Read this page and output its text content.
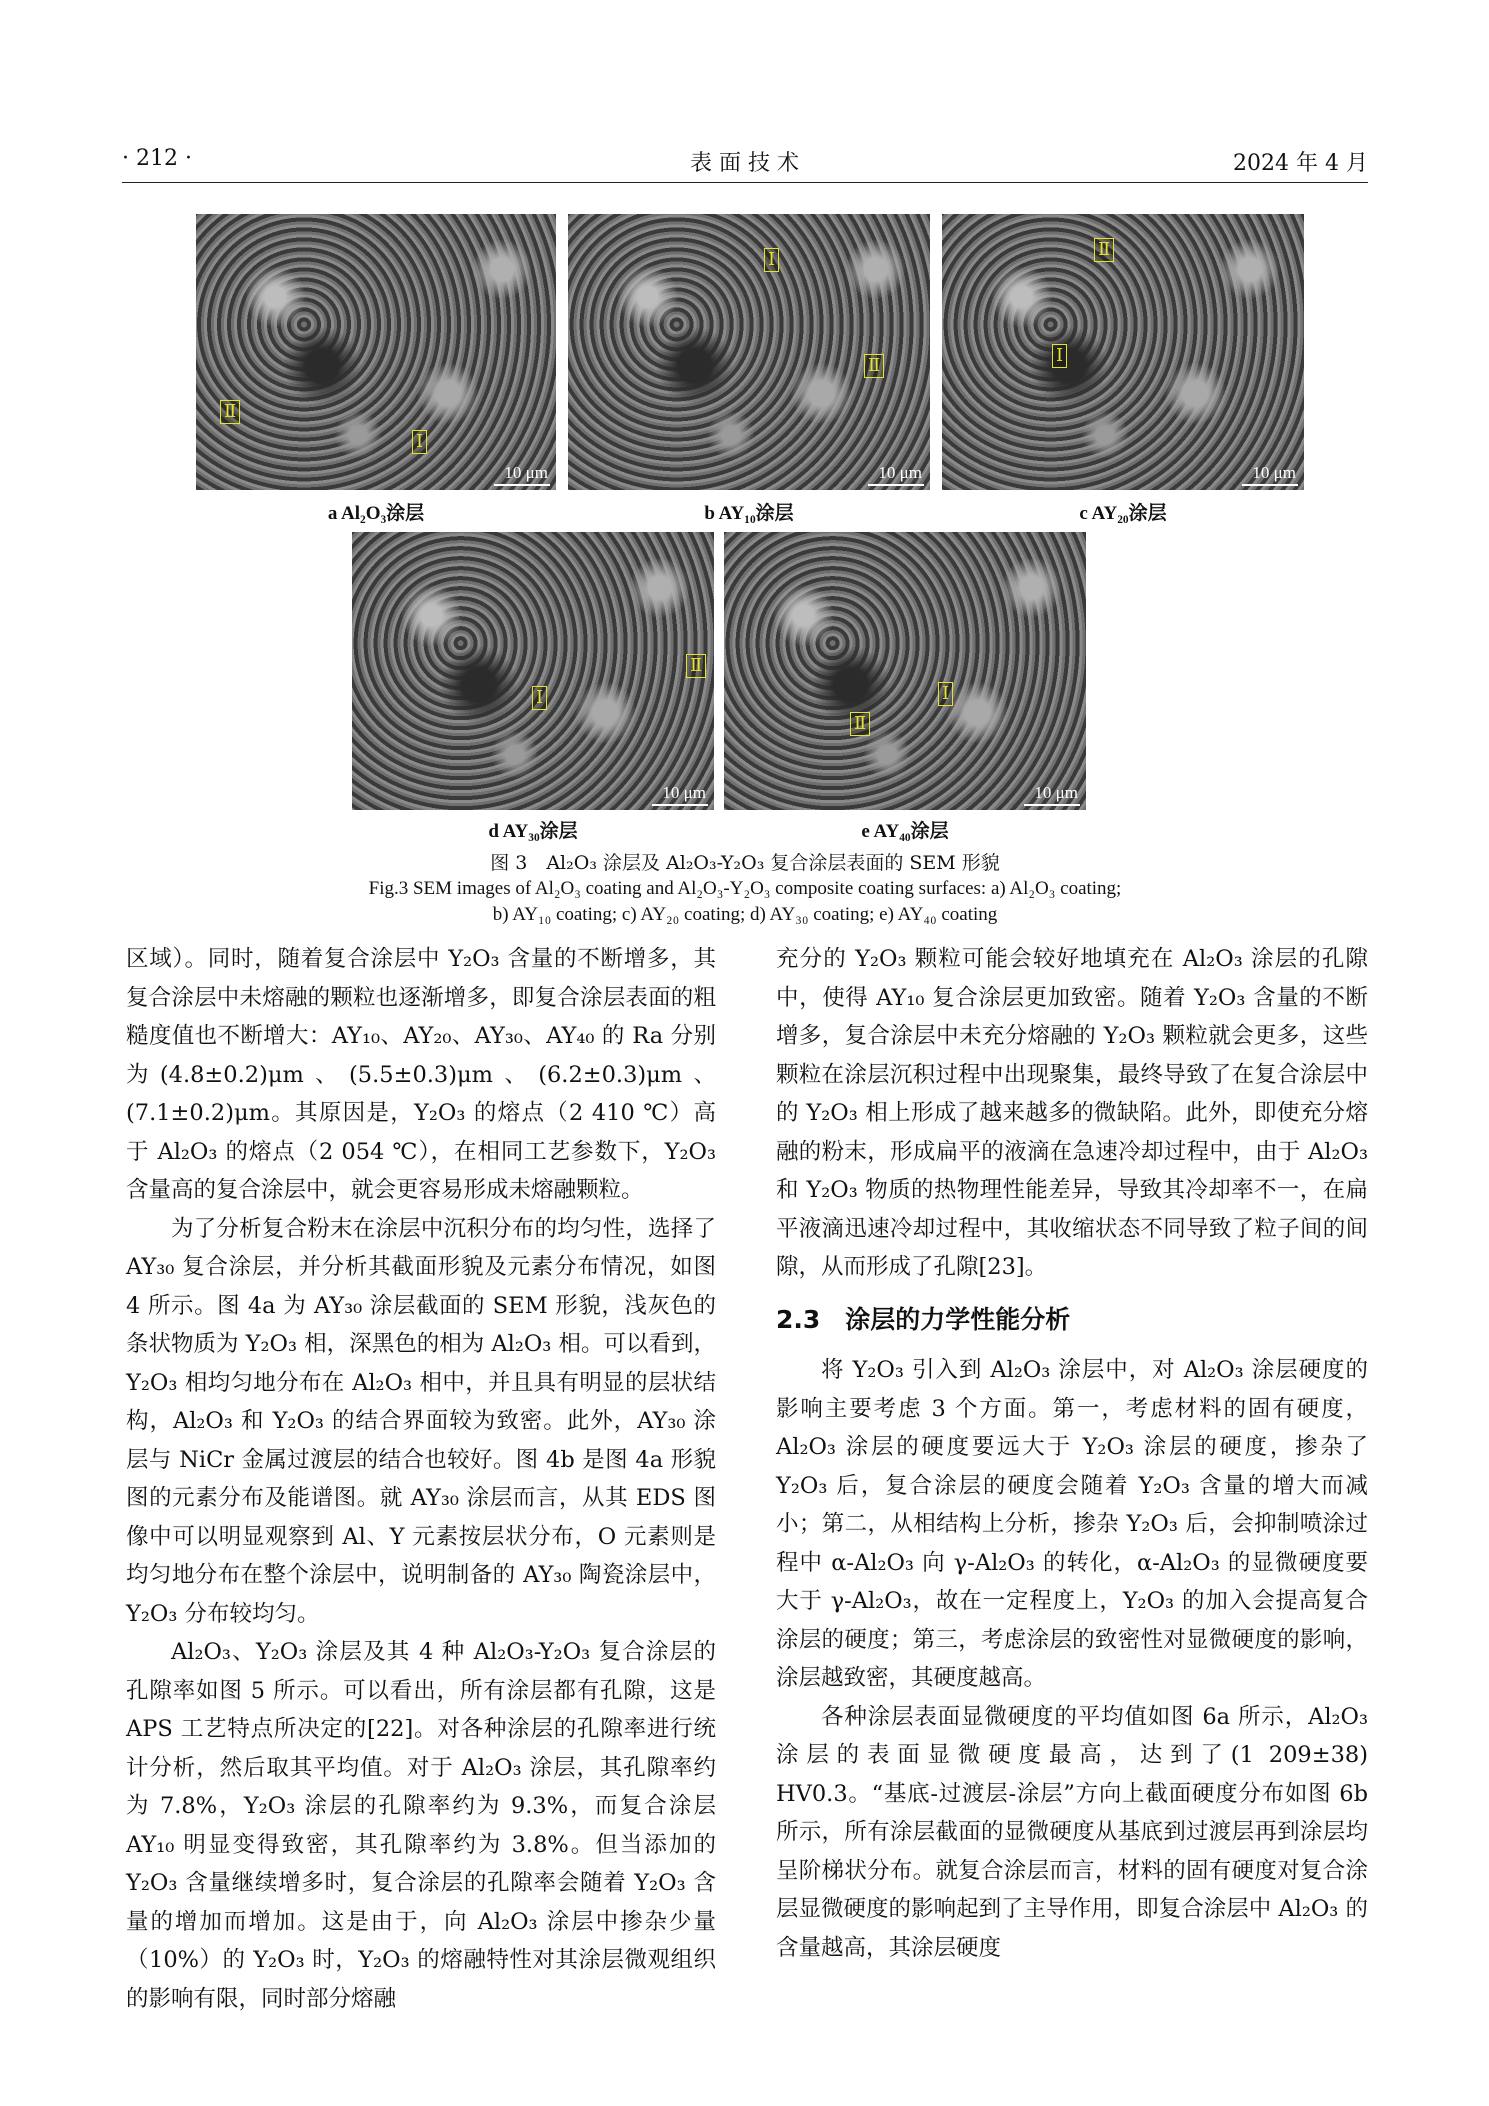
· 212 ·	表 面 技 术	2024 年 4 月
Ⅱ
Ⅰ
10 μm
Ⅰ
Ⅱ
10 μm
Ⅱ
Ⅰ
10 μm
a Al₂O₃涂层	b AY₁₀涂层	c AY₂₀涂层
Ⅰ
Ⅱ
10 μm
Ⅰ
Ⅱ
10 μm
d AY₃₀涂层	e AY₄₀涂层
图 3　Al₂O₃ 涂层及 Al₂O₃-Y₂O₃ 复合涂层表面的 SEM 形貌
Fig.3 SEM images of Al₂O₃ coating and Al₂O₃-Y₂O₃ composite coating surfaces: a) Al₂O₃ coating;
b) AY₁₀ coating; c) AY₂₀ coating; d) AY₃₀ coating; e) AY₄₀ coating

区域）。同时，随着复合涂层中 Y₂O₃ 含量的不断增多，其复合涂层中未熔融的颗粒也逐渐增多，即复合涂层表面的粗糙度值也不断增大：AY₁₀、AY₂₀、AY₃₀、AY₄₀ 的 Ra 分别为(4.8±0.2)μm、(5.5±0.3)μm、(6.2±0.3)μm、(7.1±0.2)μm。其原因是，Y₂O₃ 的熔点（2 410 ℃）高于 Al₂O₃ 的熔点（2 054 ℃），在相同工艺参数下，Y₂O₃ 含量高的复合涂层中，就会更容易形成未熔融颗粒。

为了分析复合粉末在涂层中沉积分布的均匀性，选择了 AY₃₀ 复合涂层，并分析其截面形貌及元素分布情况，如图 4 所示。图 4a 为 AY₃₀ 涂层截面的 SEM 形貌，浅灰色的条状物质为 Y₂O₃ 相，深黑色的相为 Al₂O₃ 相。可以看到，Y₂O₃ 相均匀地分布在 Al₂O₃ 相中，并且具有明显的层状结构，Al₂O₃ 和 Y₂O₃ 的结合界面较为致密。此外，AY₃₀ 涂层与 NiCr 金属过渡层的结合也较好。图 4b 是图 4a 形貌图的元素分布及能谱图。就 AY₃₀ 涂层而言，从其 EDS 图像中可以明显观察到 Al、Y 元素按层状分布，O 元素则是均匀地分布在整个涂层中，说明制备的 AY₃₀ 陶瓷涂层中，Y₂O₃ 分布较均匀。

Al₂O₃、Y₂O₃ 涂层及其 4 种 Al₂O₃-Y₂O₃ 复合涂层的孔隙率如图 5 所示。可以看出，所有涂层都有孔隙，这是 APS 工艺特点所决定的[22]。对各种涂层的孔隙率进行统计分析，然后取其平均值。对于 Al₂O₃ 涂层，其孔隙率约为 7.8%，Y₂O₃ 涂层的孔隙率约为 9.3%，而复合涂层 AY₁₀ 明显变得致密，其孔隙率约为 3.8%。但当添加的 Y₂O₃ 含量继续增多时，复合涂层的孔隙率会随着 Y₂O₃ 含量的增加而增加。这是由于，向 Al₂O₃ 涂层中掺杂少量（10%）的 Y₂O₃ 时，Y₂O₃ 的熔融特性对其涂层微观组织的影响有限，同时部分熔融

充分的 Y₂O₃ 颗粒可能会较好地填充在 Al₂O₃ 涂层的孔隙中，使得 AY₁₀ 复合涂层更加致密。随着 Y₂O₃ 含量的不断增多，复合涂层中未充分熔融的 Y₂O₃ 颗粒就会更多，这些颗粒在涂层沉积过程中出现聚集，最终导致了在复合涂层中的 Y₂O₃ 相上形成了越来越多的微缺陷。此外，即使充分熔融的粉末，形成扁平的液滴在急速冷却过程中，由于 Al₂O₃ 和 Y₂O₃ 物质的热物理性能差异，导致其冷却率不一，在扁平液滴迅速冷却过程中，其收缩状态不同导致了粒子间的间隙，从而形成了孔隙[23]。

2.3　涂层的力学性能分析

将 Y₂O₃ 引入到 Al₂O₃ 涂层中，对 Al₂O₃ 涂层硬度的影响主要考虑 3 个方面。第一，考虑材料的固有硬度，Al₂O₃ 涂层的硬度要远大于 Y₂O₃ 涂层的硬度，掺杂了 Y₂O₃ 后，复合涂层的硬度会随着 Y₂O₃ 含量的增大而减小；第二，从相结构上分析，掺杂 Y₂O₃ 后，会抑制喷涂过程中 α-Al₂O₃ 向 γ-Al₂O₃ 的转化，α-Al₂O₃ 的显微硬度要大于 γ-Al₂O₃，故在一定程度上，Y₂O₃ 的加入会提高复合涂层的硬度；第三，考虑涂层的致密性对显微硬度的影响，涂层越致密，其硬度越高。

各种涂层表面显微硬度的平均值如图 6a 所示，Al₂O₃ 涂层的表面显微硬度最高，达到了(1 209±38) HV0.3。“基底-过渡层-涂层”方向上截面硬度分布如图 6b 所示，所有涂层截面的显微硬度从基底到过渡层再到涂层均呈阶梯状分布。就复合涂层而言，材料的固有硬度对复合涂层显微硬度的影响起到了主导作用，即复合涂层中 Al₂O₃ 的含量越高，其涂层硬度
